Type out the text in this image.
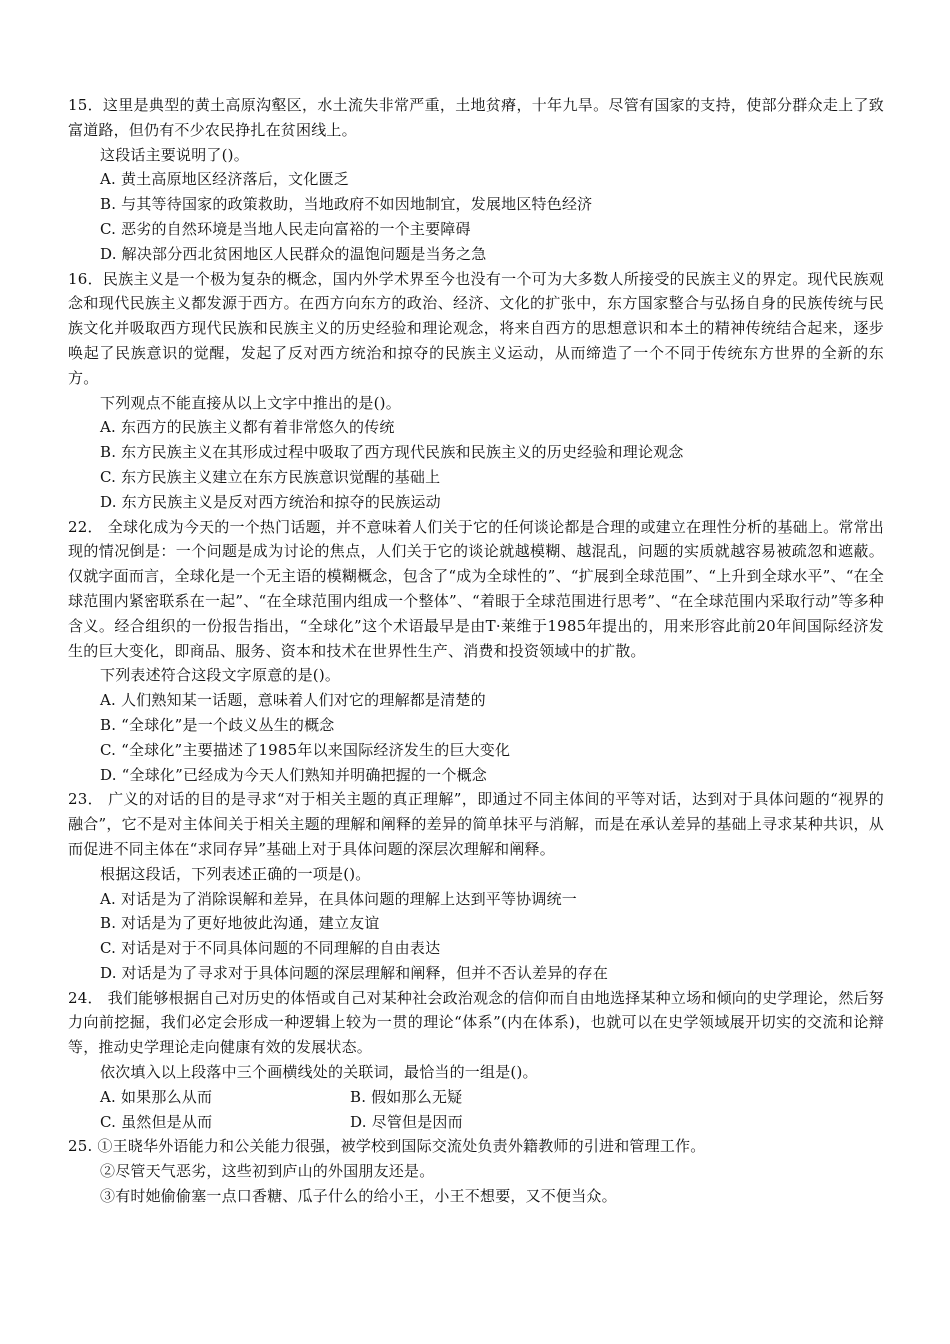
15．这里是典型的黄土高原沟壑区，水土流失非常严重，土地贫瘠，十年九旱。尽管有国家的支持，使部分群众走上了致富道路，但仍有不少农民挣扎在贫困线上。

这段话主要说明了()。

A. 黄土高原地区经济落后，文化匮乏

B. 与其等待国家的政策救助，当地政府不如因地制宜，发展地区特色经济

C. 恶劣的自然环境是当地人民走向富裕的一个主要障碍

D. 解决部分西北贫困地区人民群众的温饱问题是当务之急

16．民族主义是一个极为复杂的概念，国内外学术界至今也没有一个可为大多数人所接受的民族主义的界定。现代民族观念和现代民族主义都发源于西方。在西方向东方的政治、经济、文化的扩张中，东方国家整合与弘扬自身的民族传统与民族文化并吸取西方现代民族和民族主义的历史经验和理论观念，将来自西方的思想意识和本土的精神传统结合起来，逐步唤起了民族意识的觉醒，发起了反对西方统治和掠夺的民族主义运动，从而缔造了一个不同于传统东方世界的全新的东方。

下列观点不能直接从以上文字中推出的是()。

A. 东西方的民族主义都有着非常悠久的传统

B. 东方民族主义在其形成过程中吸取了西方现代民族和民族主义的历史经验和理论观念

C. 东方民族主义建立在东方民族意识觉醒的基础上

D. 东方民族主义是反对西方统治和掠夺的民族运动

22． 全球化成为今天的一个热门话题，并不意味着人们关于它的任何谈论都是合理的或建立在理性分析的基础上。常常出现的情况倒是：一个问题是成为讨论的焦点，人们关于它的谈论就越模糊、越混乱，问题的实质就越容易被疏忽和遮蔽。仅就字面而言，全球化是一个无主语的模糊概念，包含了“成为全球性的”、“扩展到全球范围”、“上升到全球水平”、“在全球范围内紧密联系在一起”、“在全球范围内组成一个整体”、“着眼于全球范围进行思考”、“在全球范围内采取行动”等多种含义。经合组织的一份报告指出，“全球化”这个术语最早是由T·莱维于1985年提出的，用来形容此前20年间国际经济发生的巨大变化，即商品、服务、资本和技术在世界性生产、消费和投资领域中的扩散。

下列表述符合这段文字原意的是()。

A. 人们熟知某一话题，意味着人们对它的理解都是清楚的

B. “全球化”是一个歧义丛生的概念

C. “全球化”主要描述了1985年以来国际经济发生的巨大变化

D. “全球化”已经成为今天人们熟知并明确把握的一个概念

23． 广义的对话的目的是寻求“对于相关主题的真正理解”，即通过不同主体间的平等对话，达到对于具体问题的“视界的融合”，它不是对主体间关于相关主题的理解和阐释的差异的简单抹平与消解，而是在承认差异的基础上寻求某种共识，从而促进不同主体在“求同存异”基础上对于具体问题的深层次理解和阐释。

根据这段话，下列表述正确的一项是()。

A. 对话是为了消除误解和差异，在具体问题的理解上达到平等协调统一

B. 对话是为了更好地彼此沟通，建立友谊

C. 对话是对于不同具体问题的不同理解的自由表达

D. 对话是为了寻求对于具体问题的深层理解和阐释，但并不否认差异的存在

24． 我们能够根据自己对历史的体悟或自己对某种社会政治观念的信仰而自由地选择某种立场和倾向的史学理论，然后努力向前挖掘，我们必定会形成一种逻辑上较为一贯的理论“体系”(内在体系)，也就可以在史学领域展开切实的交流和论辩等，推动史学理论走向健康有效的发展状态。

依次填入以上段落中三个画横线处的关联词，最恰当的一组是()。

A. 如果那么从而	B. 假如那么无疑
C. 虽然但是从而	D. 尽管但是因而

25. ①王晓华外语能力和公关能力很强，被学校到国际交流处负责外籍教师的引进和管理工作。

②尽管天气恶劣，这些初到庐山的外国朋友还是。

③有时她偷偷塞一点口香糖、瓜子什么的给小王，小王不想要，又不便当众。
